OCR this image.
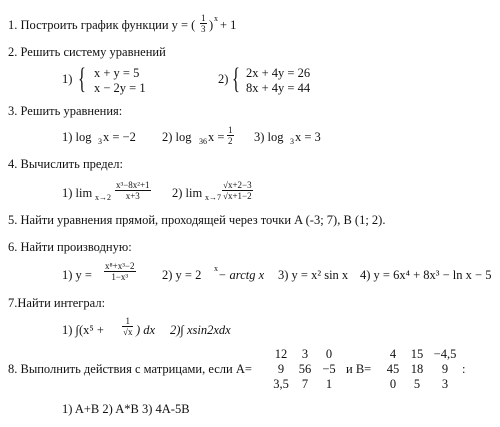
1. Построить график функции y = ( 1
3 ) x + 1
2. Решить систему уравнений
1) { x + y = 5
x − 2y = 1
2) { 2x + 4y = 26
8x + 4y = 44
3. Решить уравнения:
1) log 3 x = −2 2) log 36 x = 1
2 3) log 3 x = 3
4. Вычислить предел:
1) lim x→2
x³−8x²+1
x+3	2) lim x→7
√x+2−3
√x+1−2
5. Найти уравнения прямой, проходящей через точки A (-3; 7), B (1; 2).
6. Найти производную:
1) y =
x⁸+x³−2
1−x³	2) y = 2 x − arctg x 3) y = x² sin x 4) y = 6x⁴ + 8x³ − ln x − 5
7.Найти интеграл:
1) ∫(x⁵ +
1
√x ) dx 2)∫ xsin2xdx
8. Выполнить действия с матрицами, если A=
12	3	0
9	56 −5
3,5	7	1
и B=
4	15 −4,5
45 18	9
0	5	3
:
1) A+B 2) A*B 3) 4A-5B
